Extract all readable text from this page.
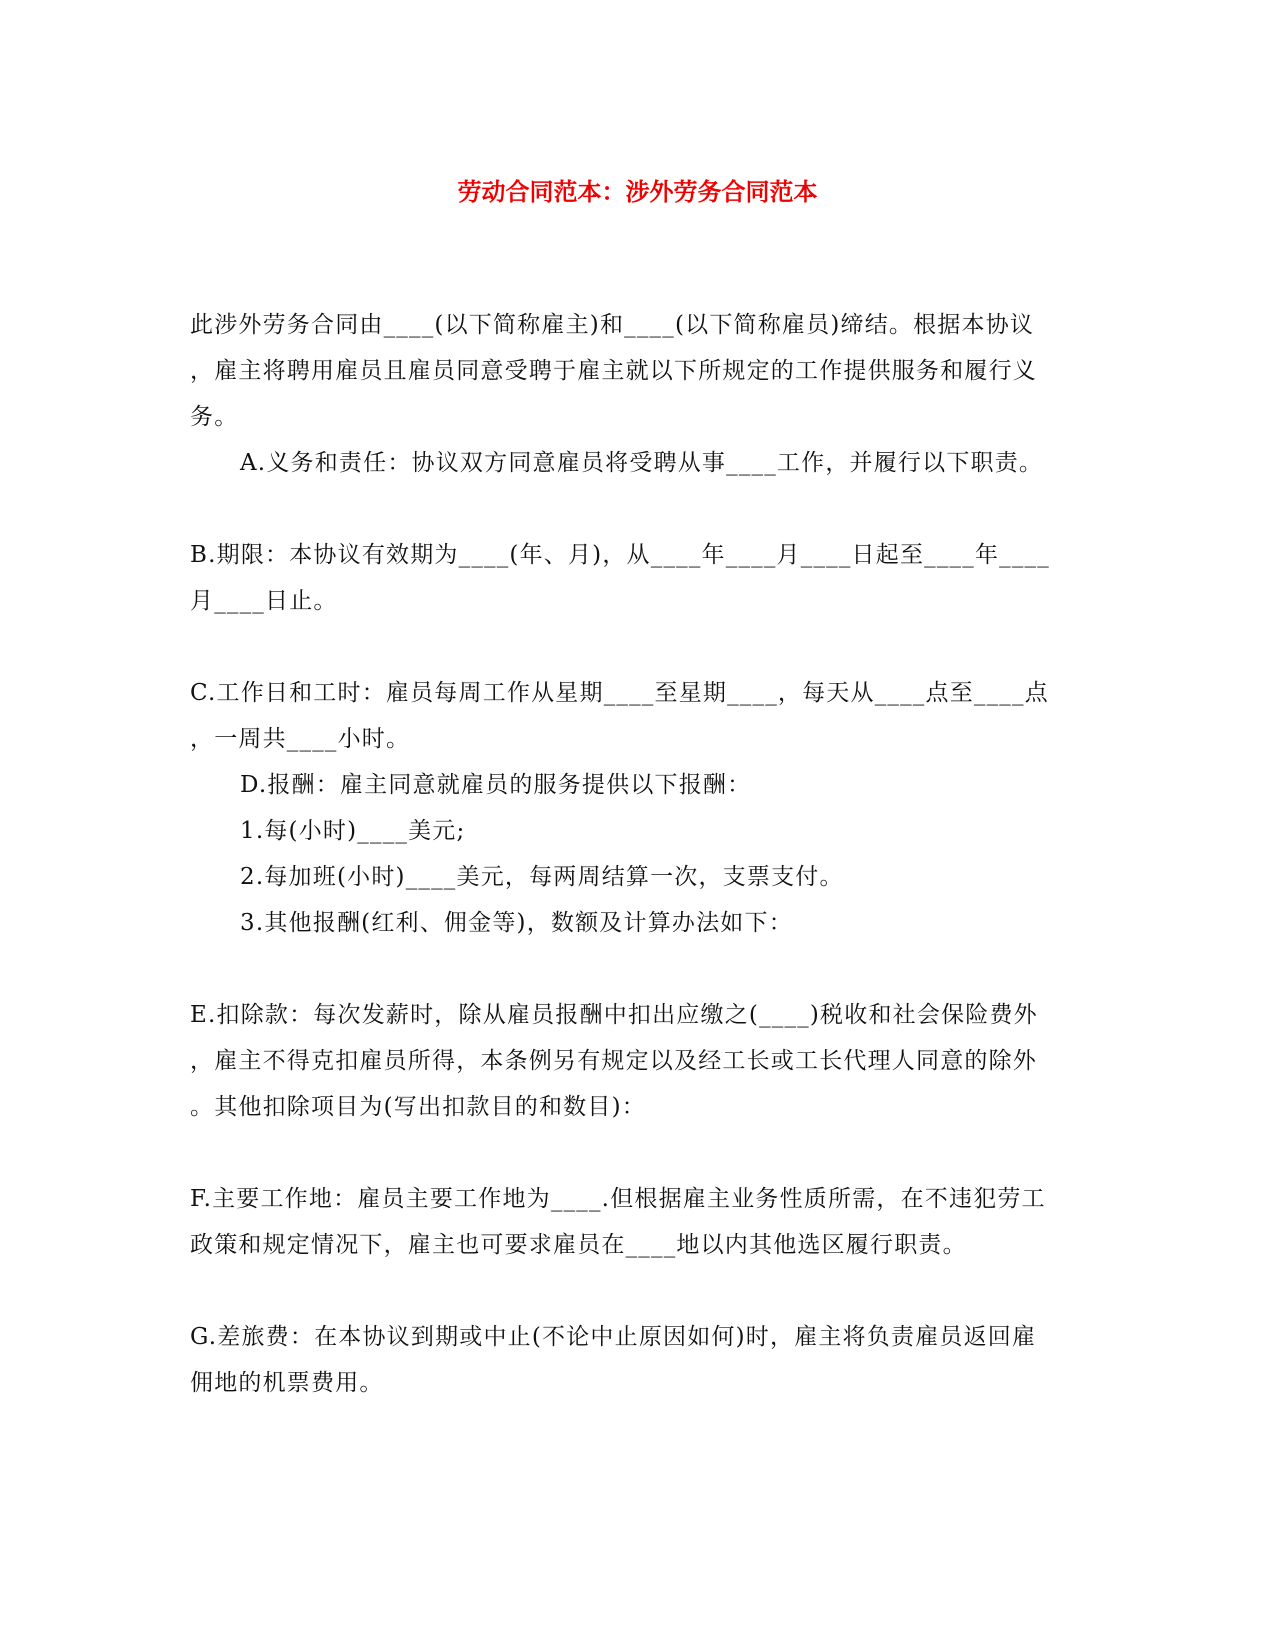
劳动合同范本：涉外劳务合同范本
此涉外劳务合同由____(以下简称雇主)和____(以下简称雇员)缔结。根据本协议
，雇主将聘用雇员且雇员同意受聘于雇主就以下所规定的工作提供服务和履行义
务。
A.义务和责任：协议双方同意雇员将受聘从事____工作，并履行以下职责。
B.期限：本协议有效期为____(年、月)，从____年____月____日起至____年____
月____日止。
C.工作日和工时：雇员每周工作从星期____至星期____，每天从____点至____点
，一周共____小时。
D.报酬：雇主同意就雇员的服务提供以下报酬：
1.每(小时)____美元;
2.每加班(小时)____美元，每两周结算一次，支票支付。
3.其他报酬(红利、佣金等)，数额及计算办法如下：
E.扣除款：每次发薪时，除从雇员报酬中扣出应缴之(____)税收和社会保险费外
，雇主不得克扣雇员所得，本条例另有规定以及经工长或工长代理人同意的除外
。其他扣除项目为(写出扣款目的和数目)：
F.主要工作地：雇员主要工作地为____.但根据雇主业务性质所需，在不违犯劳工
政策和规定情况下，雇主也可要求雇员在____地以内其他选区履行职责。
G.差旅费：在本协议到期或中止(不论中止原因如何)时，雇主将负责雇员返回雇
佣地的机票费用。
